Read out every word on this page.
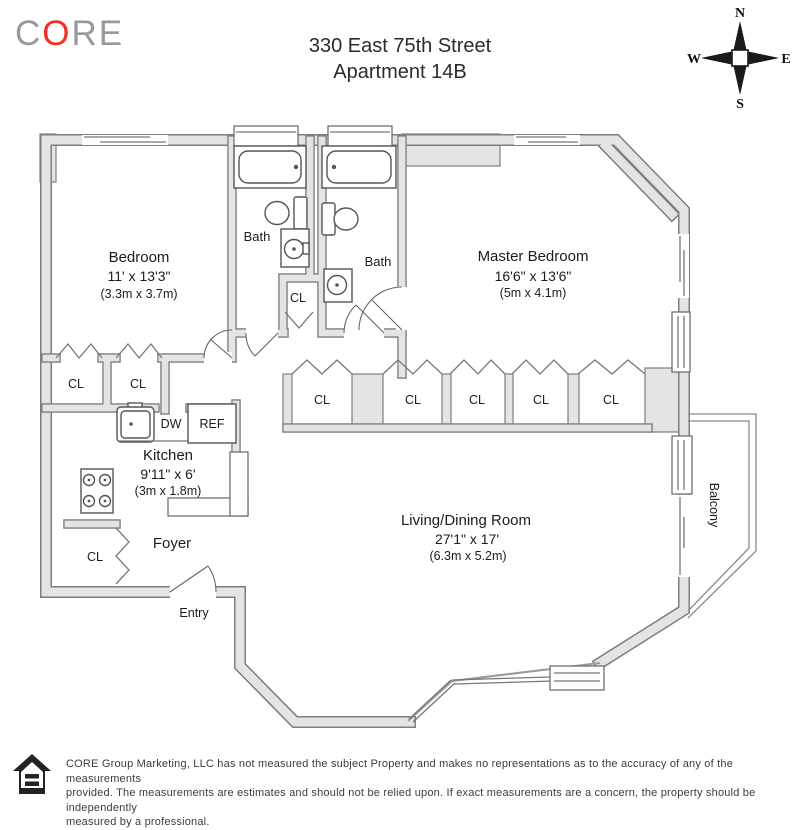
CORE	330 East 75th Street
Apartment 14B
N
S
W	E
Bedroom
11' x 13'3"
(3.3m x 3.7m)
Master Bedroom
16'6" x 13'6"
(5m x 4.1m)
Kitchen
9'11" x 6'
(3m x 1.8m)
Living/Dining Room
27'1" x 17'
(6.3m x 5.2m)
Foyer
Entry
Bath
Bath
Balcony
CL	CL
CL
CL
CL	CL	CL	CL	CL
DW REF
CORE Group Marketing, LLC has not measured the subject Property and makes no representations as to the accuracy of any of the measurements
provided. The measurements are estimates and should not be relied upon. If exact measurements are a concern, the property should be independently
measured by a professional.
